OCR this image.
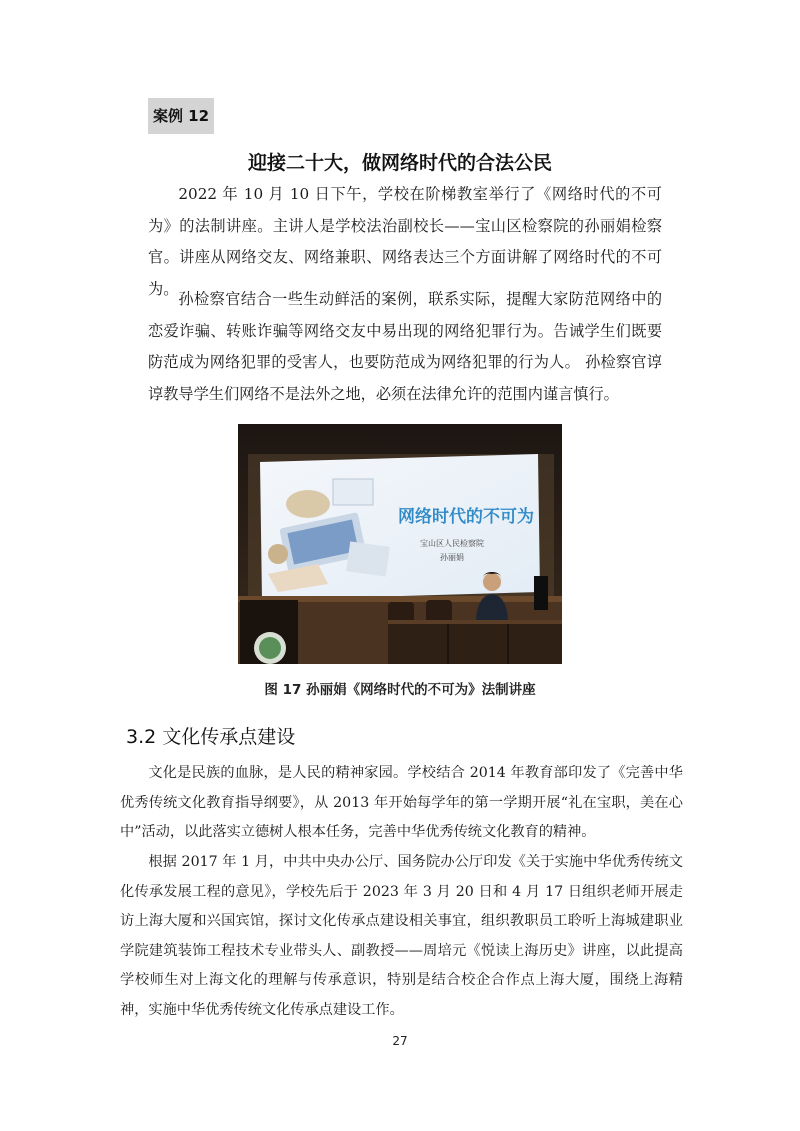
案例 12
迎接二十大，做网络时代的合法公民

2022 年 10 月 10 日下午，学校在阶梯教室举行了《网络时代的不可为》的法制讲座。主讲人是学校法治副校长——宝山区检察院的孙丽娟检察官。讲座从网络交友、网络兼职、网络表达三个方面讲解了网络时代的不可为。

孙检察官结合一些生动鲜活的案例，联系实际，提醒大家防范网络中的恋爱诈骗、转账诈骗等网络交友中易出现的网络犯罪行为。告诫学生们既要防范成为网络犯罪的受害人，也要防范成为网络犯罪的行为人。 孙检察官谆谆教导学生们网络不是法外之地，必须在法律允许的范围内谨言慎行。

网络时代的不可为
宝山区人民检察院
孙丽娟
图 17 孙丽娟《网络时代的不可为》法制讲座
3.2 文化传承点建设

文化是民族的血脉，是人民的精神家园。学校结合 2014 年教育部印发了《完善中华优秀传统文化教育指导纲要》，从 2013 年开始每学年的第一学期开展“礼在宝职，美在心中”活动，以此落实立德树人根本任务，完善中华优秀传统文化教育的精神。

根据 2017 年 1 月，中共中央办公厅、国务院办公厅印发《关于实施中华优秀传统文化传承发展工程的意见》，学校先后于 2023 年 3 月 20 日和 4 月 17 日组织老师开展走访上海大厦和兴国宾馆，探讨文化传承点建设相关事宜，组织教职员工聆听上海城建职业学院建筑装饰工程技术专业带头人、副教授——周培元《悦读上海历史》讲座，以此提高学校师生对上海文化的理解与传承意识，特别是结合校企合作点上海大厦，围绕上海精神，实施中华优秀传统文化传承点建设工作。

27
